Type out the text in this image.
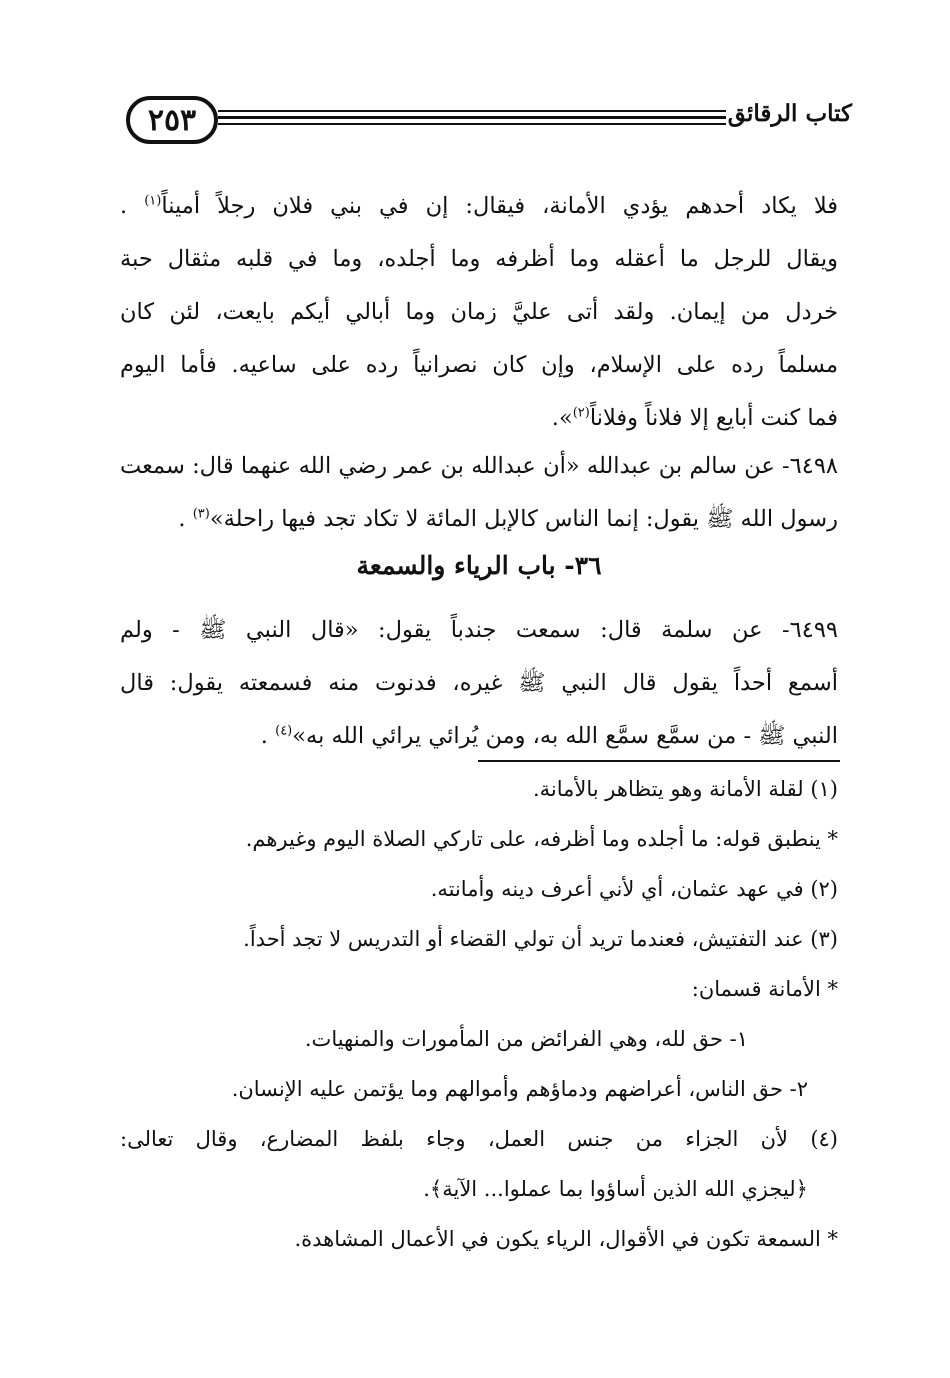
٢٥٣	كتاب الرقائق
فلا يكاد أحدهم يؤدي الأمانة، فيقال: إن في بني فلان رجلاً أميناً$^{(١)}$ .
ويقال للرجل ما أعقله وما أظرفه وما أجلده، وما في قلبه مثقال حبة
خردل من إيمان. ولقد أتى عليَّ زمان وما أبالي أيكم بايعت، لئن كان
مسلماً رده على الإسلام، وإن كان نصرانياً رده على ساعيه. فأما اليوم
فما كنت أبايع إلا فلاناً وفلاناً$^{(٢)}$».
٦٤٩٨- عن سالم بن عبدالله «أن عبدالله بن عمر رضي الله عنهما قال: سمعت
رسول الله ﷺ يقول: إنما الناس كالإبل المائة لا تكاد تجد فيها راحلة»$^{(٣)}$ .
٣٦- باب الرياء والسمعة
٦٤٩٩- عن سلمة قال: سمعت جندباً يقول: «قال النبي ﷺ - ولم
أسمع أحداً يقول قال النبي ﷺ غيره، فدنوت منه فسمعته يقول: قال
النبي ﷺ - من سمَّع سمَّع الله به، ومن يُرائي يرائي الله به»$^{(٤)}$ .
(١) لقلة الأمانة وهو يتظاهر بالأمانة.
* ينطبق قوله: ما أجلده وما أظرفه، على تاركي الصلاة اليوم وغيرهم.
(٢) في عهد عثمان، أي لأني أعرف دينه وأمانته.
(٣) عند التفتيش، فعندما تريد أن تولي القضاء أو التدريس لا تجد أحداً.
* الأمانة قسمان:
١- حق لله، وهي الفرائض من المأمورات والمنهيات.
٢- حق الناس، أعراضهم ودماؤهم وأموالهم وما يؤتمن عليه الإنسان.
(٤) لأن الجزاء من جنس العمل، وجاء بلفظ المضارع، وقال تعالى:
﴿ليجزي الله الذين أساؤوا بما عملوا... الآية﴾.
* السمعة تكون في الأقوال، الرياء يكون في الأعمال المشاهدة.
